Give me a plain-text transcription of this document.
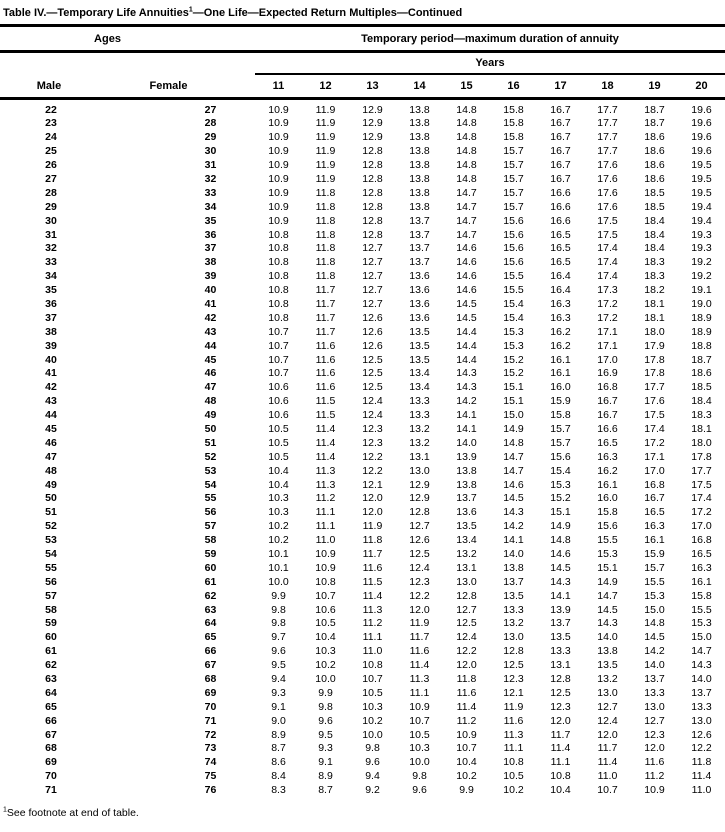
Table IV.—Temporary Life Annuities$^1$—One Life—Expected Return Multiples—Continued
Ages	Temporary period—maximum duration of annuity
Years
Male	Female	11	12	13	14	15	16	17	18	19	20
22	27	10.9	11.9	12.9	13.8	14.8	15.8	16.7	17.7	18.7	19.6
23	28	10.9	11.9	12.9	13.8	14.8	15.8	16.7	17.7	18.7	19.6
24	29	10.9	11.9	12.9	13.8	14.8	15.8	16.7	17.7	18.6	19.6
25	30	10.9	11.9	12.8	13.8	14.8	15.7	16.7	17.7	18.6	19.6
26	31	10.9	11.9	12.8	13.8	14.8	15.7	16.7	17.6	18.6	19.5
27	32	10.9	11.9	12.8	13.8	14.8	15.7	16.7	17.6	18.6	19.5
28	33	10.9	11.8	12.8	13.8	14.7	15.7	16.6	17.6	18.5	19.5
29	34	10.9	11.8	12.8	13.8	14.7	15.7	16.6	17.6	18.5	19.4
30	35	10.9	11.8	12.8	13.7	14.7	15.6	16.6	17.5	18.4	19.4
31	36	10.8	11.8	12.8	13.7	14.7	15.6	16.5	17.5	18.4	19.3
32	37	10.8	11.8	12.7	13.7	14.6	15.6	16.5	17.4	18.4	19.3
33	38	10.8	11.8	12.7	13.7	14.6	15.6	16.5	17.4	18.3	19.2
34	39	10.8	11.8	12.7	13.6	14.6	15.5	16.4	17.4	18.3	19.2
35	40	10.8	11.7	12.7	13.6	14.6	15.5	16.4	17.3	18.2	19.1
36	41	10.8	11.7	12.7	13.6	14.5	15.4	16.3	17.2	18.1	19.0
37	42	10.8	11.7	12.6	13.6	14.5	15.4	16.3	17.2	18.1	18.9
38	43	10.7	11.7	12.6	13.5	14.4	15.3	16.2	17.1	18.0	18.9
39	44	10.7	11.6	12.6	13.5	14.4	15.3	16.2	17.1	17.9	18.8
40	45	10.7	11.6	12.5	13.5	14.4	15.2	16.1	17.0	17.8	18.7
41	46	10.7	11.6	12.5	13.4	14.3	15.2	16.1	16.9	17.8	18.6
42	47	10.6	11.6	12.5	13.4	14.3	15.1	16.0	16.8	17.7	18.5
43	48	10.6	11.5	12.4	13.3	14.2	15.1	15.9	16.7	17.6	18.4
44	49	10.6	11.5	12.4	13.3	14.1	15.0	15.8	16.7	17.5	18.3
45	50	10.5	11.4	12.3	13.2	14.1	14.9	15.7	16.6	17.4	18.1
46	51	10.5	11.4	12.3	13.2	14.0	14.8	15.7	16.5	17.2	18.0
47	52	10.5	11.4	12.2	13.1	13.9	14.7	15.6	16.3	17.1	17.8
48	53	10.4	11.3	12.2	13.0	13.8	14.7	15.4	16.2	17.0	17.7
49	54	10.4	11.3	12.1	12.9	13.8	14.6	15.3	16.1	16.8	17.5
50	55	10.3	11.2	12.0	12.9	13.7	14.5	15.2	16.0	16.7	17.4
51	56	10.3	11.1	12.0	12.8	13.6	14.3	15.1	15.8	16.5	17.2
52	57	10.2	11.1	11.9	12.7	13.5	14.2	14.9	15.6	16.3	17.0
53	58	10.2	11.0	11.8	12.6	13.4	14.1	14.8	15.5	16.1	16.8
54	59	10.1	10.9	11.7	12.5	13.2	14.0	14.6	15.3	15.9	16.5
55	60	10.1	10.9	11.6	12.4	13.1	13.8	14.5	15.1	15.7	16.3
56	61	10.0	10.8	11.5	12.3	13.0	13.7	14.3	14.9	15.5	16.1
57	62	9.9	10.7	11.4	12.2	12.8	13.5	14.1	14.7	15.3	15.8
58	63	9.8	10.6	11.3	12.0	12.7	13.3	13.9	14.5	15.0	15.5
59	64	9.8	10.5	11.2	11.9	12.5	13.2	13.7	14.3	14.8	15.3
60	65	9.7	10.4	11.1	11.7	12.4	13.0	13.5	14.0	14.5	15.0
61	66	9.6	10.3	11.0	11.6	12.2	12.8	13.3	13.8	14.2	14.7
62	67	9.5	10.2	10.8	11.4	12.0	12.5	13.1	13.5	14.0	14.3
63	68	9.4	10.0	10.7	11.3	11.8	12.3	12.8	13.2	13.7	14.0
64	69	9.3	9.9	10.5	11.1	11.6	12.1	12.5	13.0	13.3	13.7
65	70	9.1	9.8	10.3	10.9	11.4	11.9	12.3	12.7	13.0	13.3
66	71	9.0	9.6	10.2	10.7	11.2	11.6	12.0	12.4	12.7	13.0
67	72	8.9	9.5	10.0	10.5	10.9	11.3	11.7	12.0	12.3	12.6
68	73	8.7	9.3	9.8	10.3	10.7	11.1	11.4	11.7	12.0	12.2
69	74	8.6	9.1	9.6	10.0	10.4	10.8	11.1	11.4	11.6	11.8
70	75	8.4	8.9	9.4	9.8	10.2	10.5	10.8	11.0	11.2	11.4
71	76	8.3	8.7	9.2	9.6	9.9	10.2	10.4	10.7	10.9	11.0
$^1$See footnote at end of table.
